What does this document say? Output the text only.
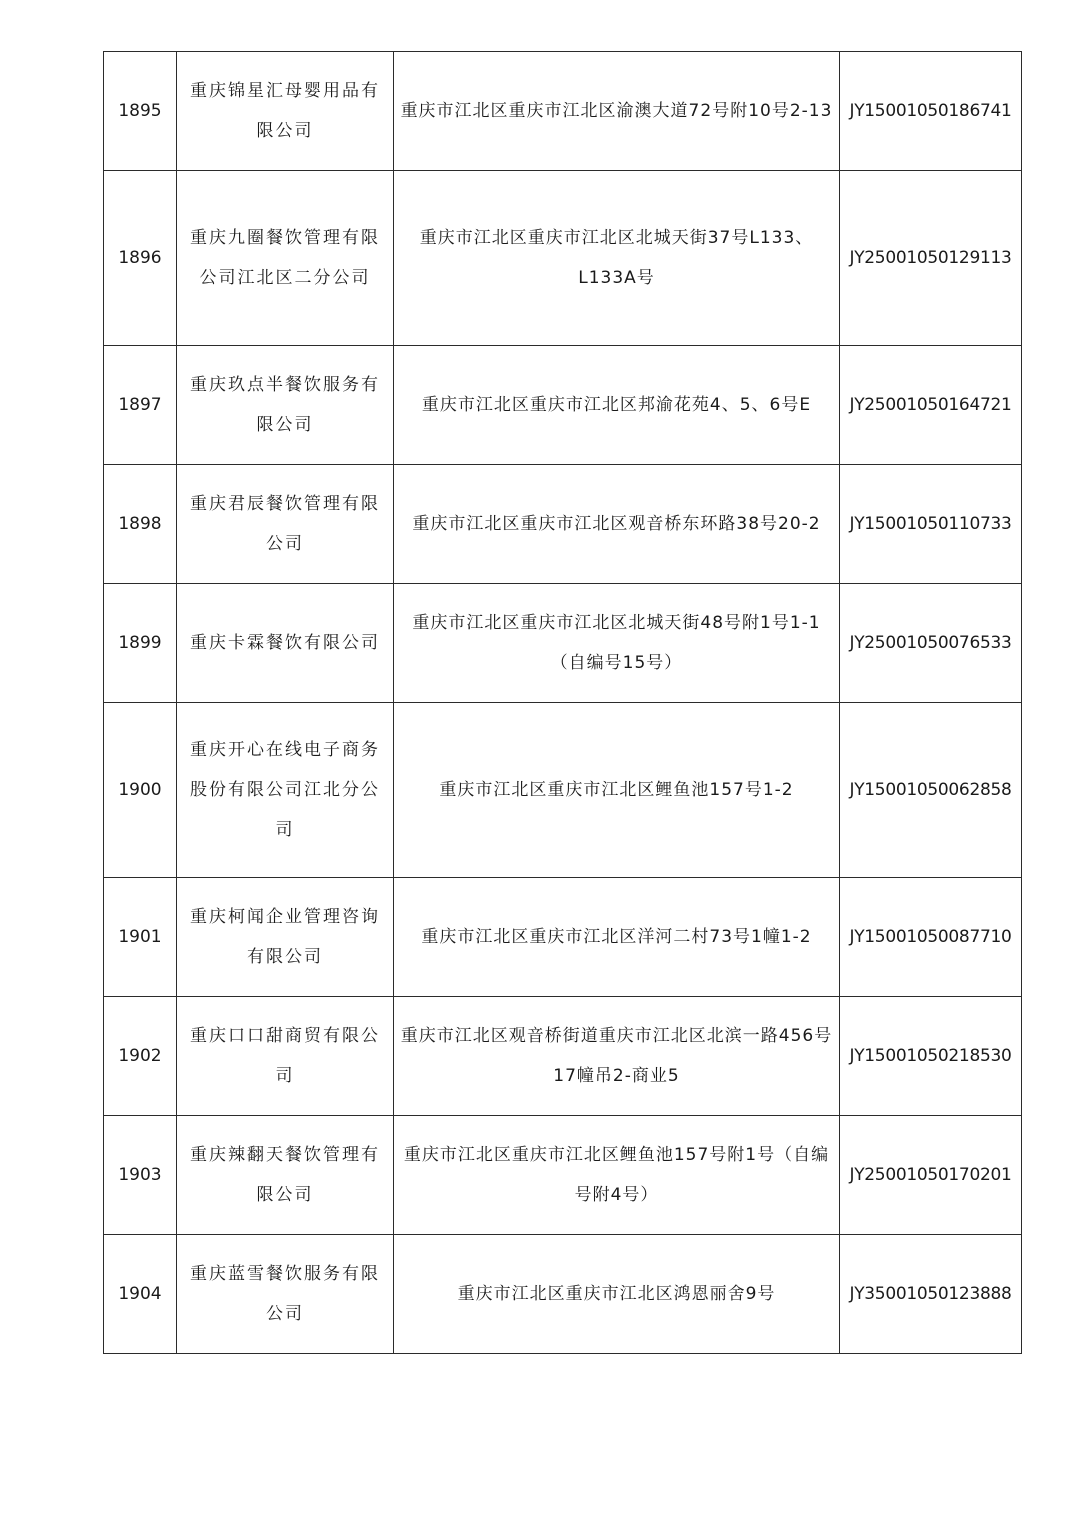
1895	重庆锦星汇母婴用品有限公司	重庆市江北区重庆市江北区渝澳大道72号附10号2-13	JY15001050186741
1896	重庆九圈餐饮管理有限公司江北区二分公司	重庆市江北区重庆市江北区北城天街37号L133、L133A号	JY25001050129113
1897	重庆玖点半餐饮服务有限公司	重庆市江北区重庆市江北区邦渝花苑4、5、6号E	JY25001050164721
1898	重庆君辰餐饮管理有限公司	重庆市江北区重庆市江北区观音桥东环路38号20-2	JY15001050110733
1899	重庆卡霖餐饮有限公司	重庆市江北区重庆市江北区北城天街48号附1号1-1（自编号15号）	JY25001050076533
1900	重庆开心在线电子商务股份有限公司江北分公司	重庆市江北区重庆市江北区鲤鱼池157号1-2	JY15001050062858
1901	重庆柯闻企业管理咨询有限公司	重庆市江北区重庆市江北区洋河二村73号1幢1-2	JY15001050087710
1902	重庆口口甜商贸有限公司	重庆市江北区观音桥街道重庆市江北区北滨一路456号17幢吊2-商业5	JY15001050218530
1903	重庆辣翻天餐饮管理有限公司	重庆市江北区重庆市江北区鲤鱼池157号附1号（自编号附4号）	JY25001050170201
1904	重庆蓝雪餐饮服务有限公司	重庆市江北区重庆市江北区鸿恩丽舍9号	JY35001050123888
